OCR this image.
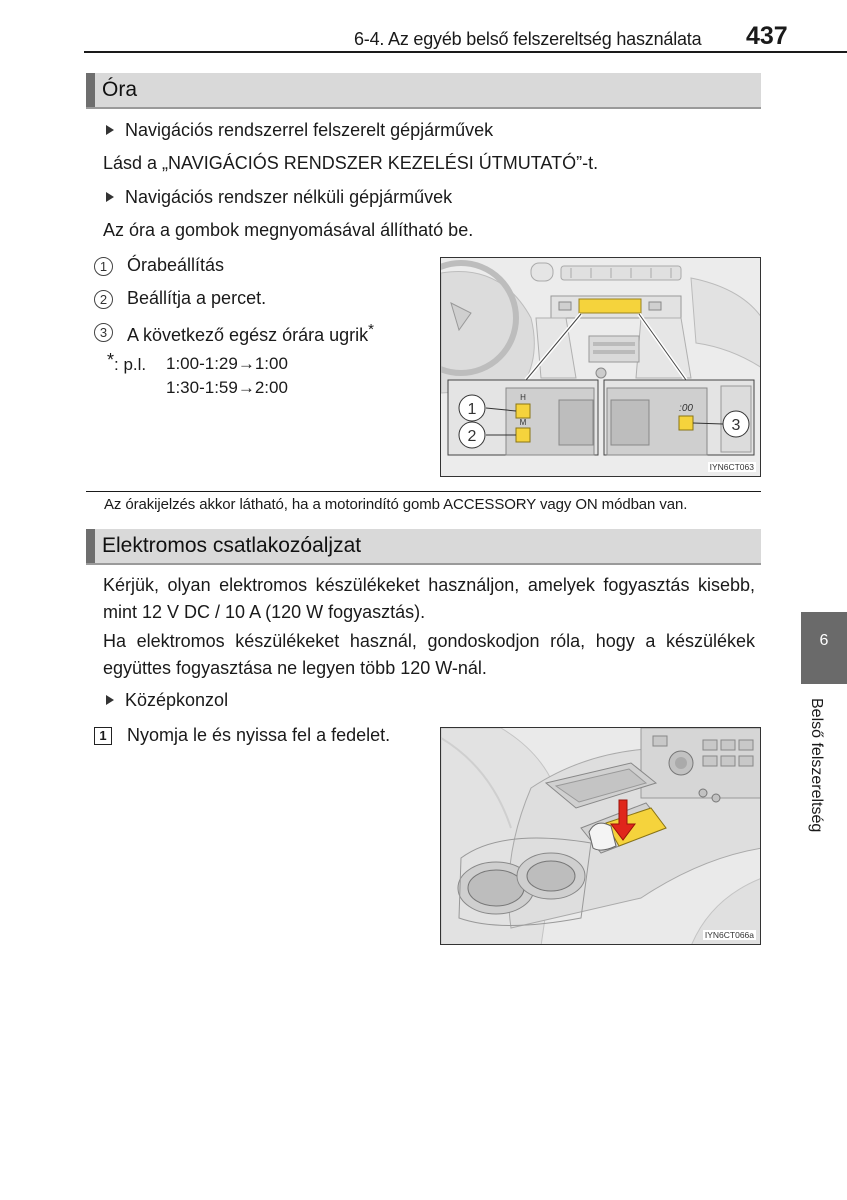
6-4. Az egyéb belső felszereltség használata 437
Óra
Navigációs rendszerrel felszerelt gépjárművek
Lásd a „NAVIGÁCIÓS RENDSZER KEZELÉSI ÚTMUTATÓ”-t.
Navigációs rendszer nélküli gépjárművek
Az óra a gombok megnyomásával állítható be.
1	Órabeállítás
2	Beállítja a percet.
3	A következő egész órára ugrik*
*: p.l. 1:00-1:29→1:00
1:30-1:59→2:00
1
2
3
H
M
:00
IYN6CT063
Az órakijelzés akkor látható, ha a motorindító gomb ACCESSORY vagy ON módban van.
Elektromos csatlakozóaljzat
Kérjük, olyan elektromos készülékeket használjon, amelyek fogyasztás kisebb,
mint 12 V DC / 10 A (120 W fogyasztás).
Ha elektromos készülékeket használ, gondoskodjon róla, hogy a készülékek
együttes fogyasztása ne legyen több 120 W-nál.
Középkonzol
1 Nyomja le és nyissa fel a fedelet.
IYN6CT066a
6
Belső felszereltség
